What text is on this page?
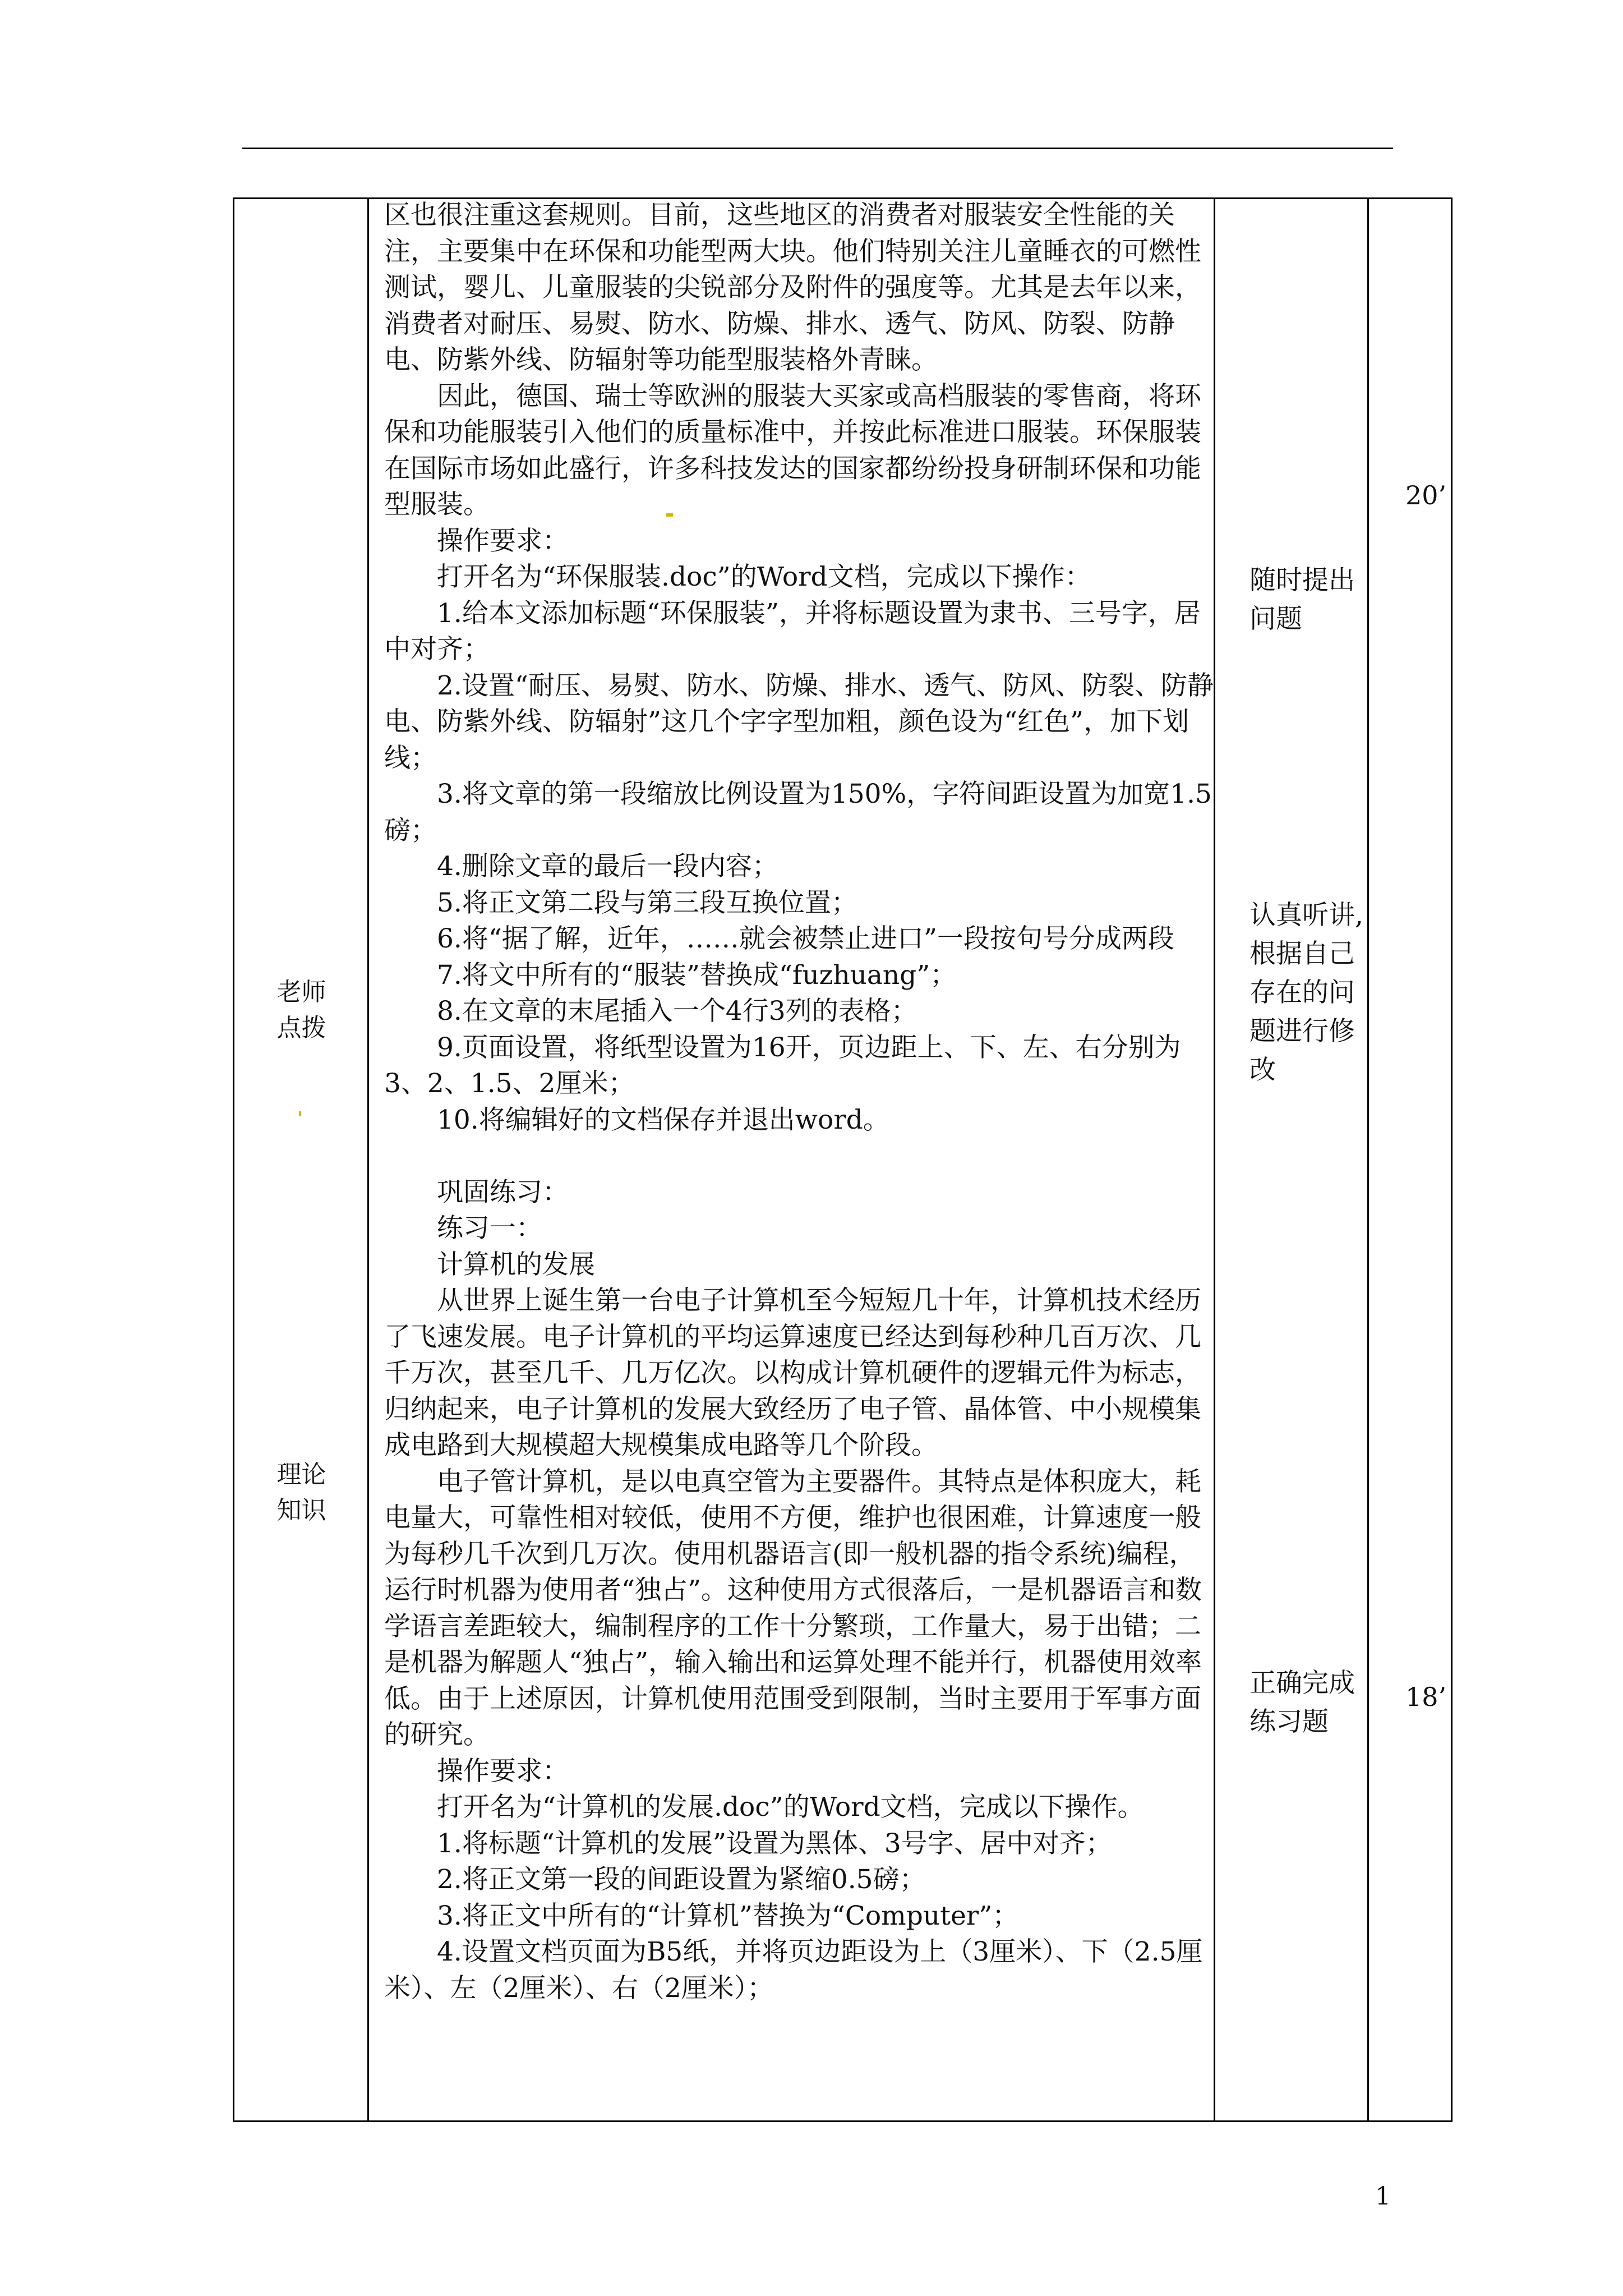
老师
点拨
理论
知识

区也很注重这套规则。目前，这些地区的消费者对服装安全性能的关注，主要集中在环保和功能型两大块。他们特别关注儿童睡衣的可燃性测试，婴儿、儿童服装的尖锐部分及附件的强度等。尤其是去年以来，消费者对耐压、易熨、防水、防燥、排水、透气、防风、防裂、防静电、防紫外线、防辐射等功能型服装格外青睐。

因此，德国、瑞士等欧洲的服装大买家或高档服装的零售商，将环保和功能服装引入他们的质量标准中，并按此标准进口服装。环保服装在国际市场如此盛行，许多科技发达的国家都纷纷投身研制环保和功能型服装。

操作要求：

打开名为“环保服装.doc”的Word文档，完成以下操作：

1.给本文添加标题“环保服装”，并将标题设置为隶书、三号字，居中对齐；

2.设置“耐压、易熨、防水、防燥、排水、透气、防风、防裂、防静电、防紫外线、防辐射”这几个字字型加粗，颜色设为“红色”，加下划线；

3.将文章的第一段缩放比例设置为150%，字符间距设置为加宽1.5磅；

4.删除文章的最后一段内容；

5.将正文第二段与第三段互换位置；

6.将“据了解，近年，……就会被禁止进口”一段按句号分成两段

7.将文中所有的“服装”替换成“fuzhuang”；

8.在文章的末尾插入一个4行3列的表格；

9.页面设置，将纸型设置为16开，页边距上、下、左、右分别为3、2、1.5、2厘米；

10.将编辑好的文档保存并退出word。

巩固练习：

练习一：

计算机的发展

从世界上诞生第一台电子计算机至今短短几十年，计算机技术经历了飞速发展。电子计算机的平均运算速度已经达到每秒种几百万次、几千万次，甚至几千、几万亿次。以构成计算机硬件的逻辑元件为标志，归纳起来，电子计算机的发展大致经历了电子管、晶体管、中小规模集成电路到大规模超大规模集成电路等几个阶段。

电子管计算机，是以电真空管为主要器件。其特点是体积庞大，耗电量大，可靠性相对较低，使用不方便，维护也很困难，计算速度一般为每秒几千次到几万次。使用机器语言(即一般机器的指令系统)编程，运行时机器为使用者“独占”。这种使用方式很落后，一是机器语言和数学语言差距较大，编制程序的工作十分繁琐，工作量大，易于出错；二是机器为解题人“独占”，输入输出和运算处理不能并行，机器使用效率低。由于上述原因，计算机使用范围受到限制，当时主要用于军事方面的研究。

操作要求：

打开名为“计算机的发展.doc”的Word文档，完成以下操作。

1.将标题“计算机的发展”设置为黑体、3号字、居中对齐；

2.将正文第一段的间距设置为紧缩0.5磅；

3.将正文中所有的“计算机”替换为“Computer”；

4.设置文档页面为B5纸，并将页边距设为上（3厘米）、下（2.5厘米）、左（2厘米）、右（2厘米）；

随时提出
问题
认真听讲,
根据自己
存在的问
题进行修
改
正确完成
练习题
20’
18’
1
